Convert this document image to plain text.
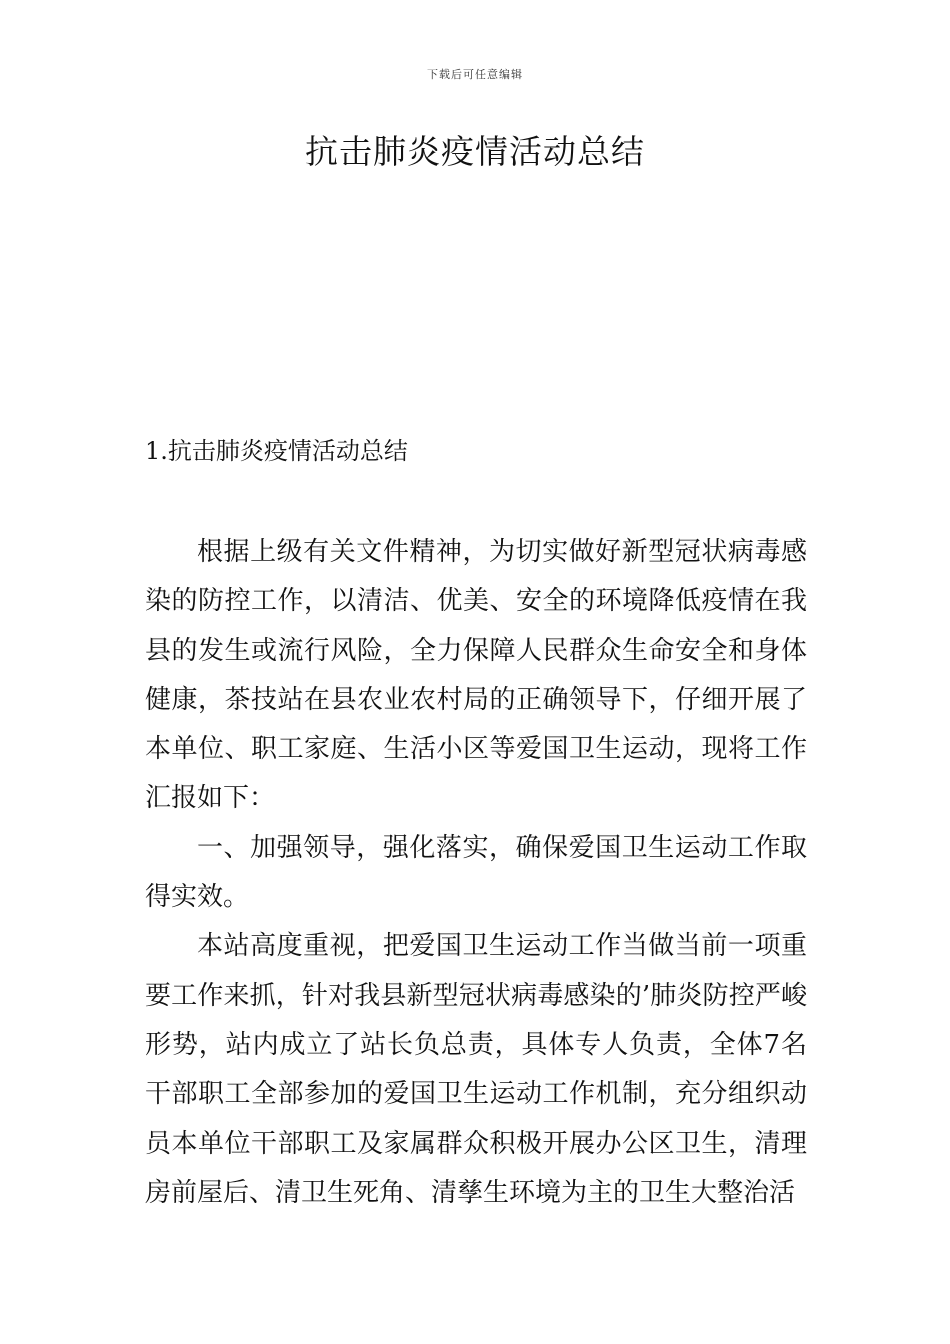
下载后可任意编辑
抗击肺炎疫情活动总结
1.抗击肺炎疫情活动总结

根据上级有关文件精神，为切实做好新型冠状病毒感染的防控工作，以清洁、优美、安全的环境降低疫情在我县的发生或流行风险，全力保障人民群众生命安全和身体健康，茶技站在县农业农村局的正确领导下，仔细开展了本单位、职工家庭、生活小区等爱国卫生运动，现将工作汇报如下：

一、加强领导，强化落实，确保爱国卫生运动工作取得实效。

本站高度重视，把爱国卫生运动工作当做当前一项重要工作来抓，针对我县新型冠状病毒感染的’肺炎防控严峻形势，站内成立了站长负总责，具体专人负责，全体7名干部职工全部参加的爱国卫生运动工作机制，充分组织动员本单位干部职工及家属群众积极开展办公区卫生，清理房前屋后、清卫生死角、清孳生环境为主的卫生大整治活
